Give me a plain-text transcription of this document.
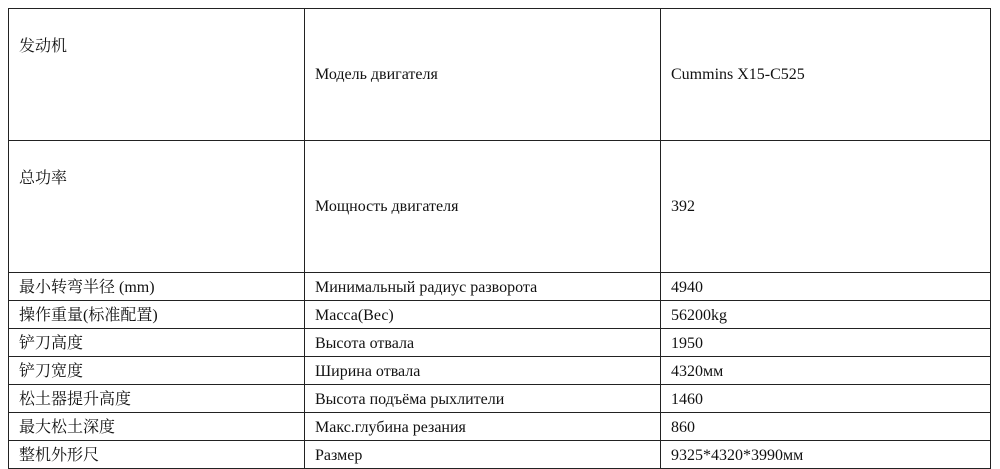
发动机	Модель двигателя	Cummins X15-C525
总功率	Мощность двигателя	392
最小转弯半径 (mm)	Минимальный радиус разворота	4940
操作重量(标准配置)	Масса(Вес)	56200kg
铲刀高度	Высота отвала	1950
铲刀宽度	Ширина отвала	4320мм
松土器提升高度	Высота подъёма рыхлители	1460
最大松土深度	Макс.глубина резания	860
整机外形尺	Размер	9325*4320*3990мм
